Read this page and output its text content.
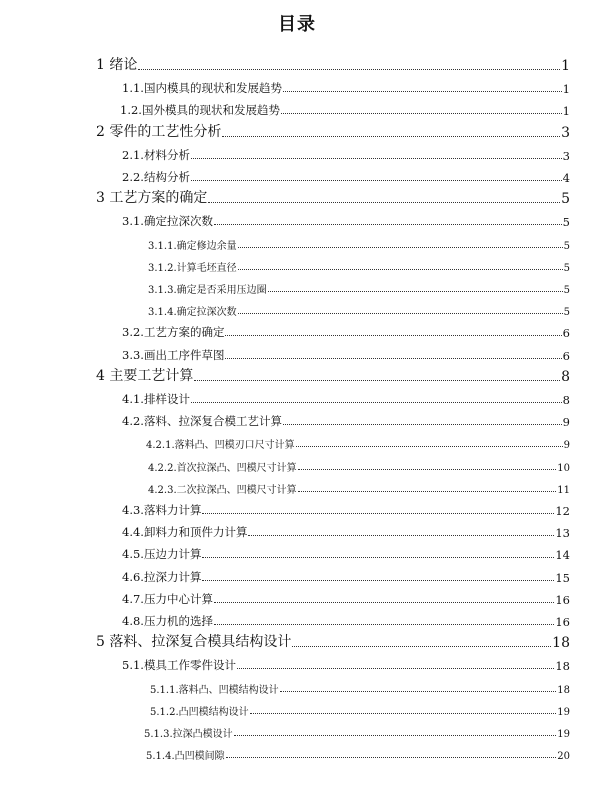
目录
1 绪论	1
1.1.国内模具的现状和发展趋势	1
1.2.国外模具的现状和发展趋势	1
2 零件的工艺性分析	3
2.1.材料分析	3
2.2.结构分析	4
3 工艺方案的确定	5
3.1.确定拉深次数	5
3.1.1.确定修边余量	5
3.1.2.计算毛坯直径	5
3.1.3.确定是否采用压边圈	5
3.1.4.确定拉深次数	5
3.2.工艺方案的确定	6
3.3.画出工序件草图	6
4 主要工艺计算	8
4.1.排样设计	8
4.2.落料、拉深复合模工艺计算	9
4.2.1.落料凸、凹模刃口尺寸计算	9
4.2.2.首次拉深凸、凹模尺寸计算	10
4.2.3.二次拉深凸、凹模尺寸计算	11
4.3.落料力计算	12
4.4.卸料力和顶件力计算	13
4.5.压边力计算	14
4.6.拉深力计算	15
4.7.压力中心计算	16
4.8.压力机的选择	16
5 落料、拉深复合模具结构设计	18
5.1.模具工作零件设计	18
5.1.1.落料凸、凹模结构设计	18
5.1.2.凸凹模结构设计	19
5.1.3.拉深凸模设计	19
5.1.4.凸凹模间隙	20
